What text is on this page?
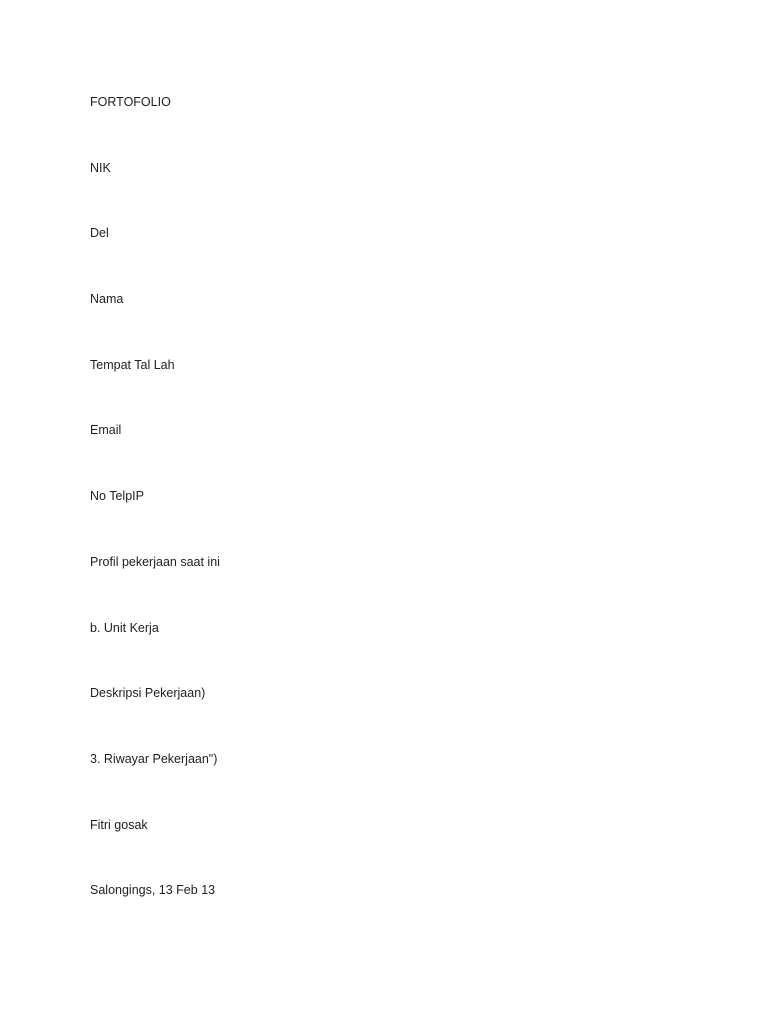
FORTOFOLIO
NIK
Del
Nama
Tempat Tal Lah
Email
No TelpIP
Profil pekerjaan saat ini
b. Unit Kerja
Deskripsi Pekerjaan)
3. Riwayar Pekerjaan")
Fitri gosak
Salongings, 13 Feb 13
